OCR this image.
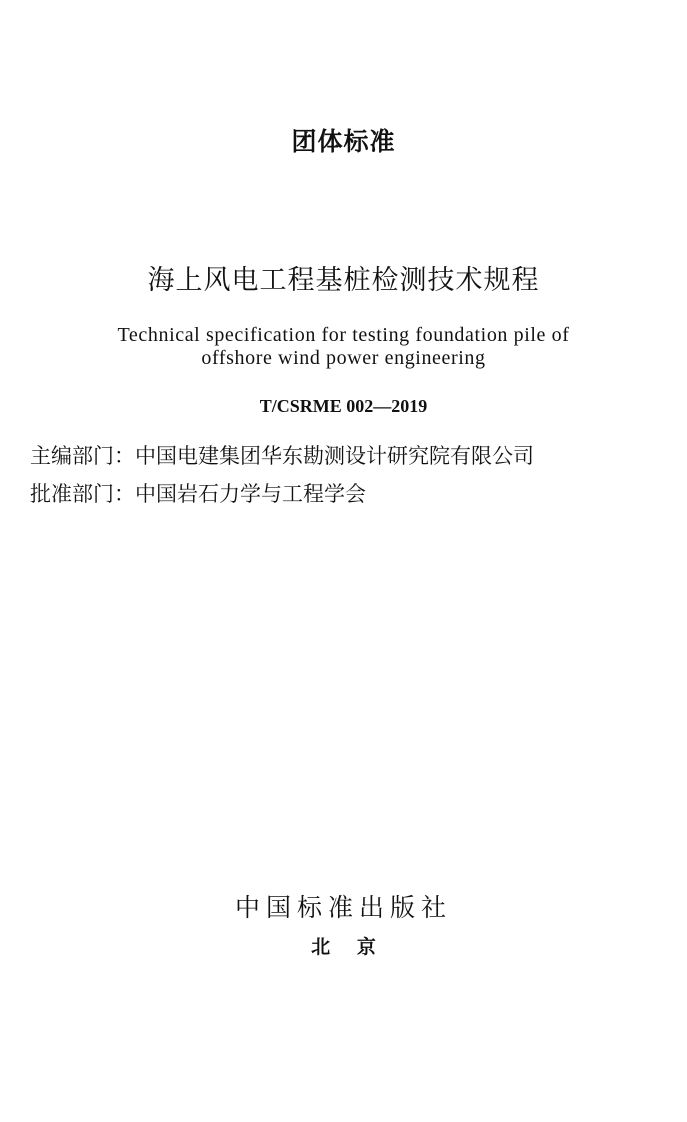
团体标准
海上风电工程基桩检测技术规程
Technical specification for testing foundation pile of
offshore wind power engineering
T/CSRME 002—2019
主编部门：中国电建集团华东勘测设计研究院有限公司
批准部门：中国岩石力学与工程学会
中国标准出版社
北 京
